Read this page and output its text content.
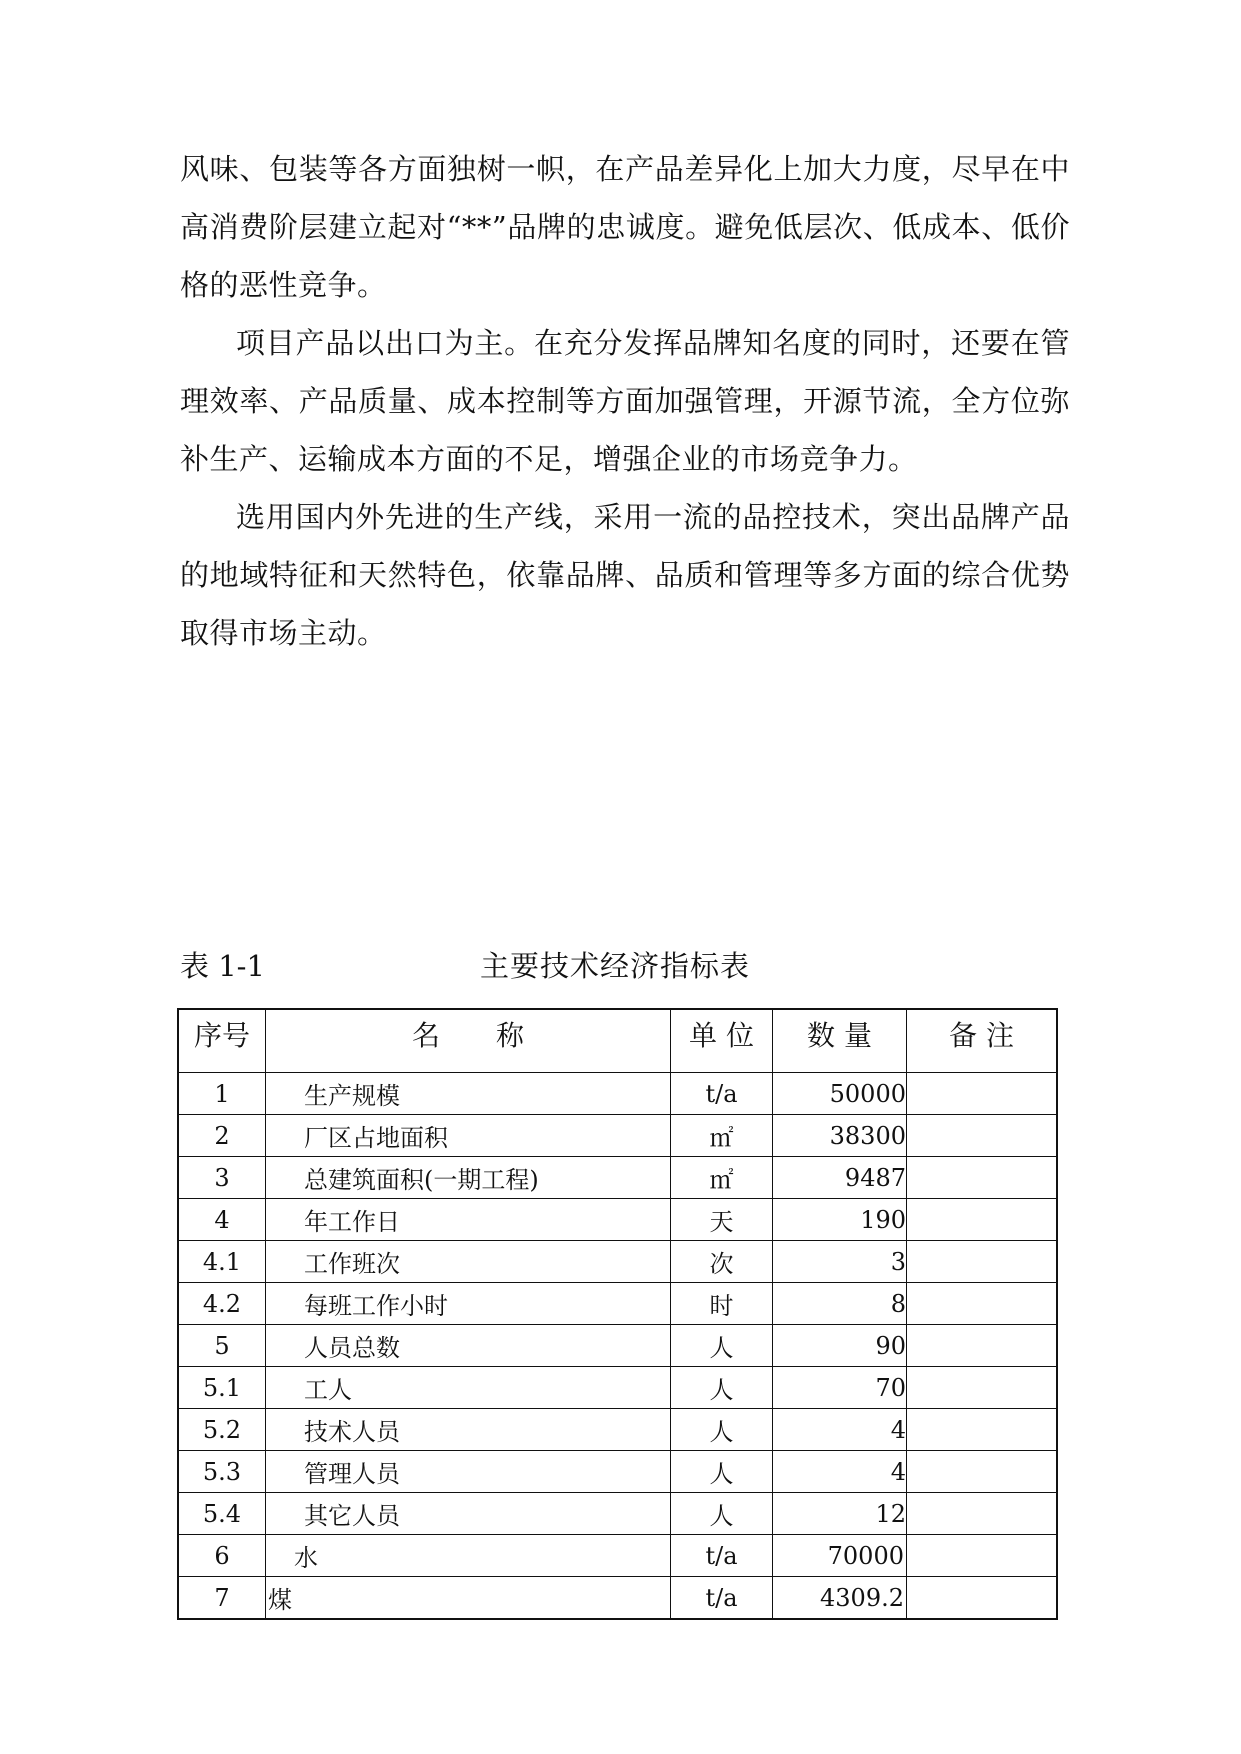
风味、包装等各方面独树一帜，在产品差异化上加大力度，尽早在中高消费阶层建立起对“**”品牌的忠诚度。避免低层次、低成本、低价格的恶性竞争。

项目产品以出口为主。在充分发挥品牌知名度的同时，还要在管理效率、产品质量、成本控制等方面加强管理，开源节流，全方位弥补生产、运输成本方面的不足，增强企业的市场竞争力。

选用国内外先进的生产线，采用一流的品控技术，突出品牌产品的地域特征和天然特色，依靠品牌、品质和管理等多方面的综合优势取得市场主动。

表 1-1	主要技术经济指标表
序号	名　　称	单 位	数 量	备 注
1	生产规模	t/a	50000	
2	厂区占地面积	㎡	38300	
3	总建筑面积(一期工程)	㎡	9487	
4	年工作日	天	190	
4.1	工作班次	次	3	
4.2	每班工作小时	时	8	
5	人员总数	人	90	
5.1	工人	人	70	
5.2	技术人员	人	4	
5.3	管理人员	人	4	
5.4	其它人员	人	12	
6	水	t/a	70000	
7	煤	t/a	4309.2	
